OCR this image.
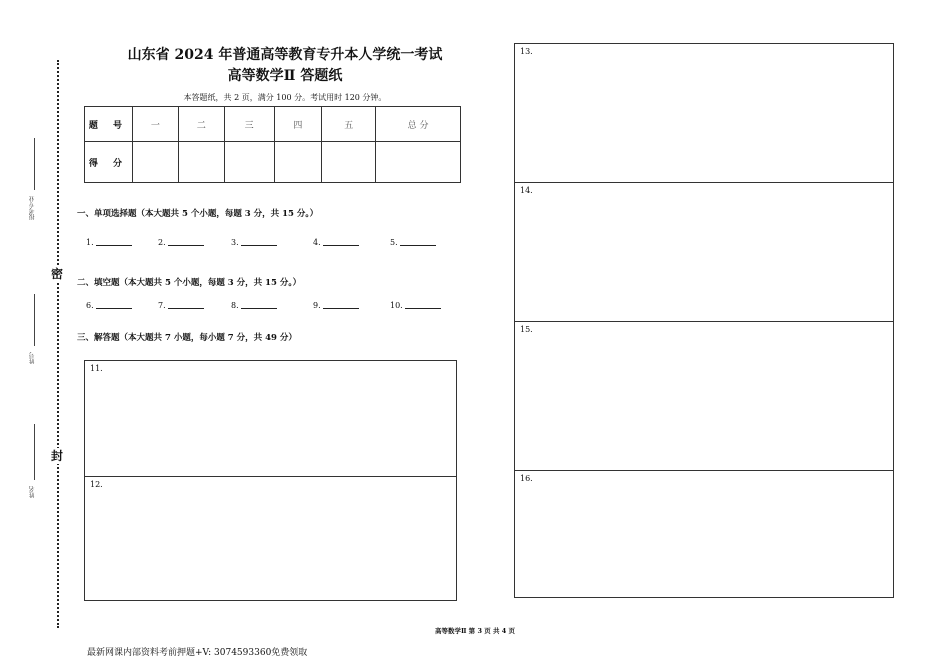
密
封
报考专业
姓号
姓名
山东省 2024 年普通高等教育专升本人学统一考试
高等数学Ⅱ 答题纸
本答题纸，共 2 页，满分 100 分。考试用时 120 分钟。
题 号	一	二	三	四	五	总 分
得 分						
一、单项选择题（本大题共 5 个小题，每题 3 分，共 15 分。）
1.	2.	3.	4.	5.
二、填空题（本大题共 5 个小题，每题 3 分，共 15 分。）
6.	7.	8.	9.	10.
三、解答题（本大题共 7 小题，每小题 7 分，共 49 分）
11.
12.
13.
14.
15.
16.
高等数学Ⅱ 第 3 页 共 4 页
最新网课内部资料考前押题+V: 3074593360免费领取
